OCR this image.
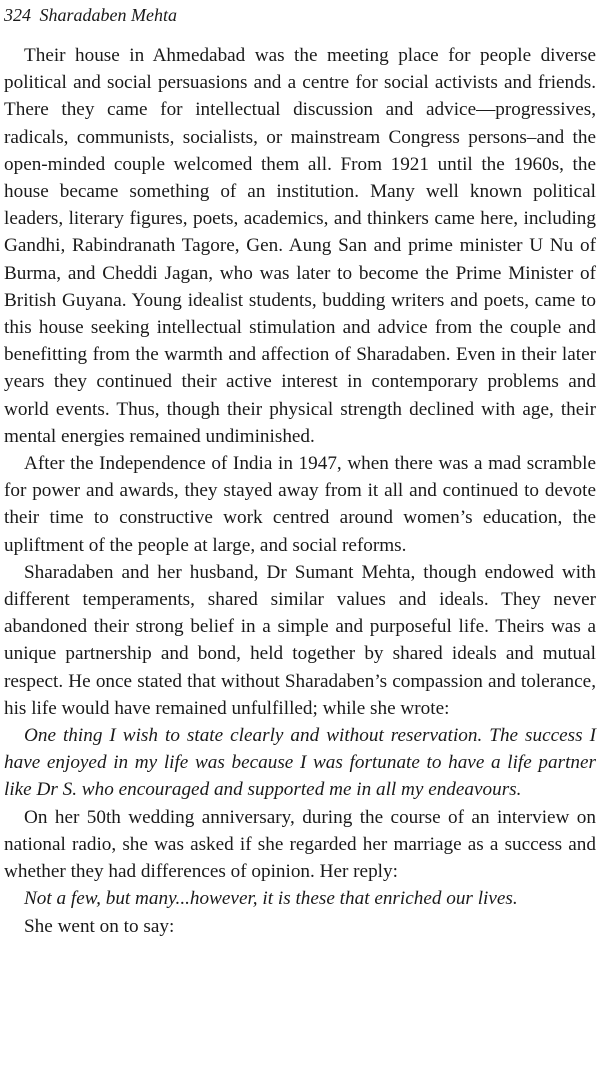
324 Sharadaben Mehta

Their house in Ahmedabad was the meeting place for people diverse political and social persuasions and a centre for social activists and friends. There they came for intellectual discussion and advice—progressives, radicals, communists, socialists, or mainstream Congress persons–and the open-minded couple welcomed them all. From 1921 until the 1960s, the house became something of an institution. Many well known political leaders, literary figures, poets, academics, and thinkers came here, including Gandhi, Rabindranath Tagore, Gen. Aung San and prime minister U Nu of Burma, and Cheddi Jagan, who was later to become the Prime Minister of British Guyana. Young idealist students, budding writers and poets, came to this house seeking intellectual stimulation and advice from the couple and benefitting from the warmth and affection of Sharadaben. Even in their later years they continued their active interest in contemporary problems and world events. Thus, though their physical strength declined with age, their mental energies remained undiminished.

After the Independence of India in 1947, when there was a mad scramble for power and awards, they stayed away from it all and continued to devote their time to constructive work centred around women’s education, the upliftment of the people at large, and social reforms.

Sharadaben and her husband, Dr Sumant Mehta, though endowed with different temperaments, shared similar values and ideals. They never abandoned their strong belief in a simple and purposeful life. Theirs was a unique partnership and bond, held together by shared ideals and mutual respect. He once stated that without Sharadaben’s compassion and tolerance, his life would have remained unfulfilled; while she wrote:

One thing I wish to state clearly and without reservation. The success I have enjoyed in my life was because I was fortunate to have a life partner like Dr S. who encouraged and supported me in all my endeavours.

On her 50th wedding anniversary, during the course of an interview on national radio, she was asked if she regarded her marriage as a success and whether they had differences of opinion. Her reply:

Not a few, but many...however, it is these that enriched our lives.

She went on to say:
